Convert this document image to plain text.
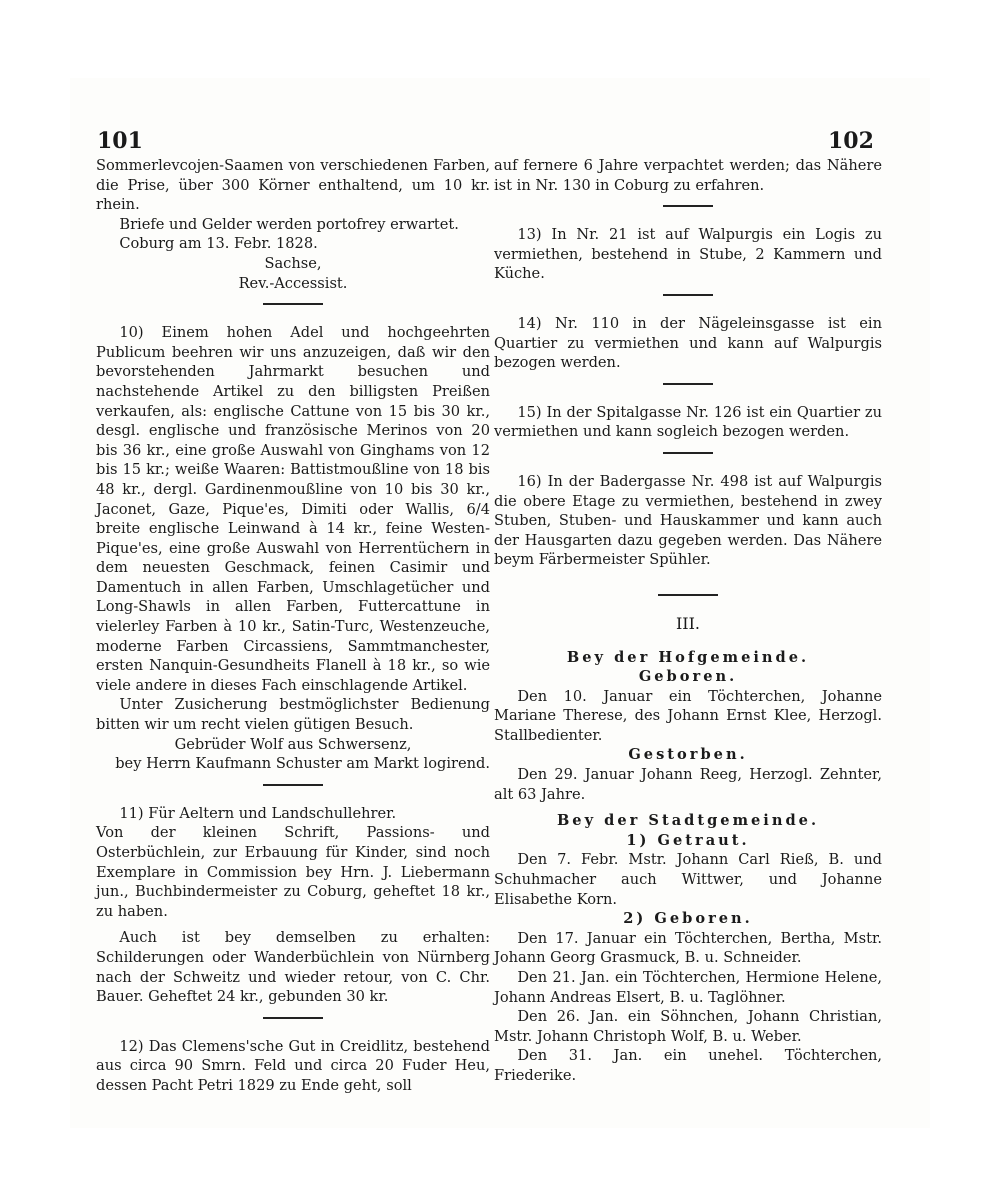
101	102

Sommerlevcojen-Saamen von verschiedenen Farben, die Prise, über 300 Körner enthaltend, um 10 kr. rhein.

Briefe und Gelder werden portofrey erwartet.

Coburg am 13. Febr. 1828.

Sachse,

Rev.-Accessist.

10) Einem hohen Adel und hochgeehrten Publicum beehren wir uns anzuzeigen, daß wir den bevorstehenden Jahrmarkt besuchen und nachstehende Artikel zu den billigsten Preißen verkaufen, als: englische Cattune von 15 bis 30 kr., desgl. englische und französische Merinos von 20 bis 36 kr., eine große Auswahl von Ginghams von 12 bis 15 kr.; weiße Waaren: Battistmoußline von 18 bis 48 kr., dergl. Gardinenmoußline von 10 bis 30 kr., Jaconet, Gaze, Pique'es, Dimiti oder Wallis, 6/4 breite englische Leinwand à 14 kr., feine Westen-Pique'es, eine große Auswahl von Herrentüchern in dem neuesten Geschmack, feinen Casimir und Damentuch in allen Farben, Umschlagetücher und Long-Shawls in allen Farben, Futtercattune in vielerley Farben à 10 kr., Satin-Turc, Westenzeuche, moderne Farben Circassiens, Sammtmanchester, ersten Nanquin-Gesundheits Flanell à 18 kr., so wie viele andere in dieses Fach einschlagende Artikel.

Unter Zusicherung bestmöglichster Bedienung bitten wir um recht vielen gütigen Besuch.

Gebrüder Wolf aus Schwersenz,

bey Herrn Kaufmann Schuster am Markt logirend.

11) Für Aeltern und Landschullehrer.

Von der kleinen Schrift, Passions- und Osterbüchlein, zur Erbauung für Kinder, sind noch Exemplare in Commission bey Hrn. J. Liebermann jun., Buchbindermeister zu Coburg, geheftet 18 kr., zu haben.

Auch ist bey demselben zu erhalten: Schilderungen oder Wanderbüchlein von Nürnberg nach der Schweitz und wieder retour, von C. Chr. Bauer. Geheftet 24 kr., gebunden 30 kr.

12) Das Clemens'sche Gut in Creidlitz, bestehend aus circa 90 Smrn. Feld und circa 20 Fuder Heu, dessen Pacht Petri 1829 zu Ende geht, soll

auf fernere 6 Jahre verpachtet werden; das Nähere ist in Nr. 130 in Coburg zu erfahren.

13) In Nr. 21 ist auf Walpurgis ein Logis zu vermiethen, bestehend in Stube, 2 Kammern und Küche.

14) Nr. 110 in der Nägeleinsgasse ist ein Quartier zu vermiethen und kann auf Walpurgis bezogen werden.

15) In der Spitalgasse Nr. 126 ist ein Quartier zu vermiethen und kann sogleich bezogen werden.

16) In der Badergasse Nr. 498 ist auf Walpurgis die obere Etage zu vermiethen, bestehend in zwey Stuben, Stuben- und Hauskammer und kann auch der Hausgarten dazu gegeben werden. Das Nähere beym Färbermeister Spühler.

III.

Bey der Hofgemeinde.

Geboren.

Den 10. Januar ein Töchterchen, Johanne Mariane Therese, des Johann Ernst Klee, Herzogl. Stallbedienter.

Gestorben.

Den 29. Januar Johann Reeg, Herzogl. Zehnter, alt 63 Jahre.

Bey der Stadtgemeinde.

1) Getraut.

Den 7. Febr. Mstr. Johann Carl Rieß, B. und Schuhmacher auch Wittwer, und Johanne Elisabethe Korn.

2) Geboren.

Den 17. Januar ein Töchterchen, Bertha, Mstr. Johann Georg Grasmuck, B. u. Schneider.

Den 21. Jan. ein Töchterchen, Hermione Helene, Johann Andreas Elsert, B. u. Taglöhner.

Den 26. Jan. ein Söhnchen, Johann Christian, Mstr. Johann Christoph Wolf, B. u. Weber.

Den 31. Jan. ein unehel. Töchterchen, Friederike.
